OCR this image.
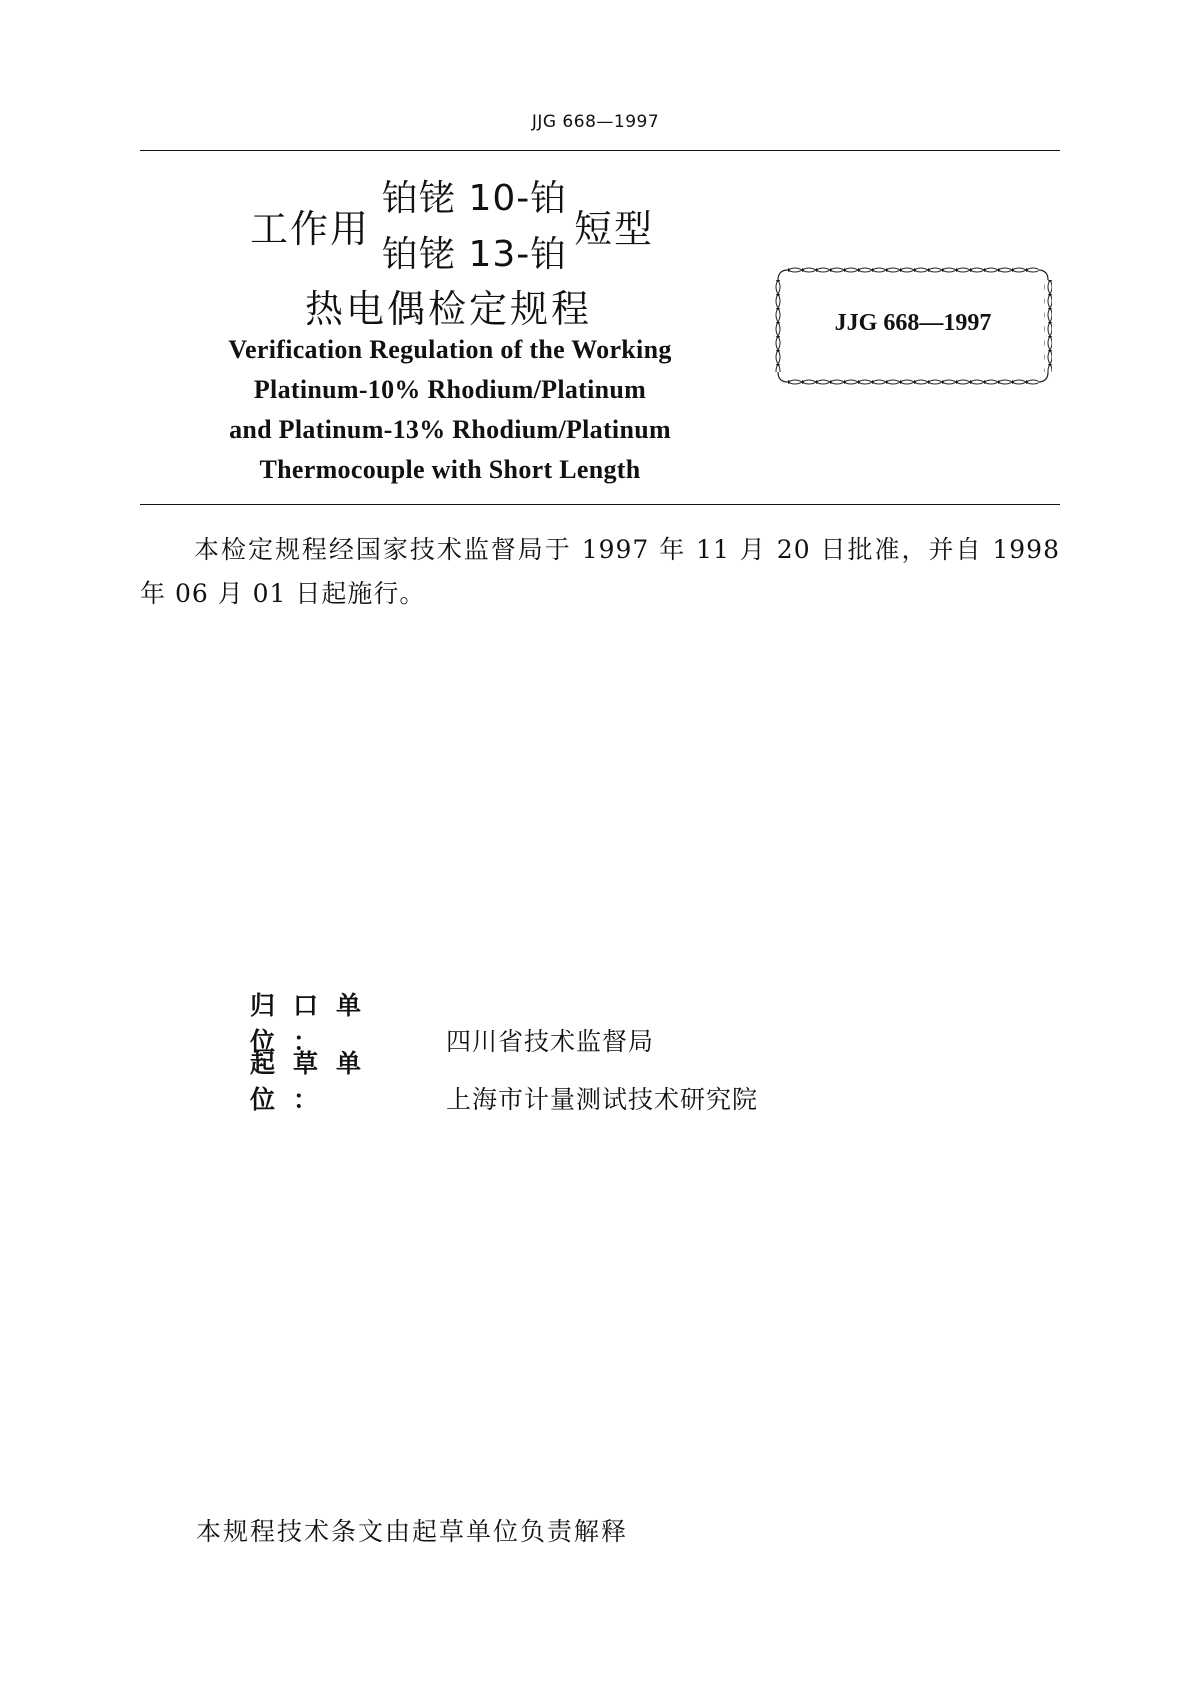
JJG 668—1997
工作用
铂铑 10-铂
铂铑 13-铂
短型
热电偶检定规程
Verification Regulation of the Working
Platinum-10% Rhodium/Platinum
and Platinum-13% Rhodium/Platinum
Thermocouple with Short Length
JJG 668—1997
本检定规程经国家技术监督局于 1997 年 11 月 20 日批准，并自 1998 年 06 月 01 日起施行。
归口单位：	四川省技术监督局
起草单位：	上海市计量测试技术研究院
本规程技术条文由起草单位负责解释
